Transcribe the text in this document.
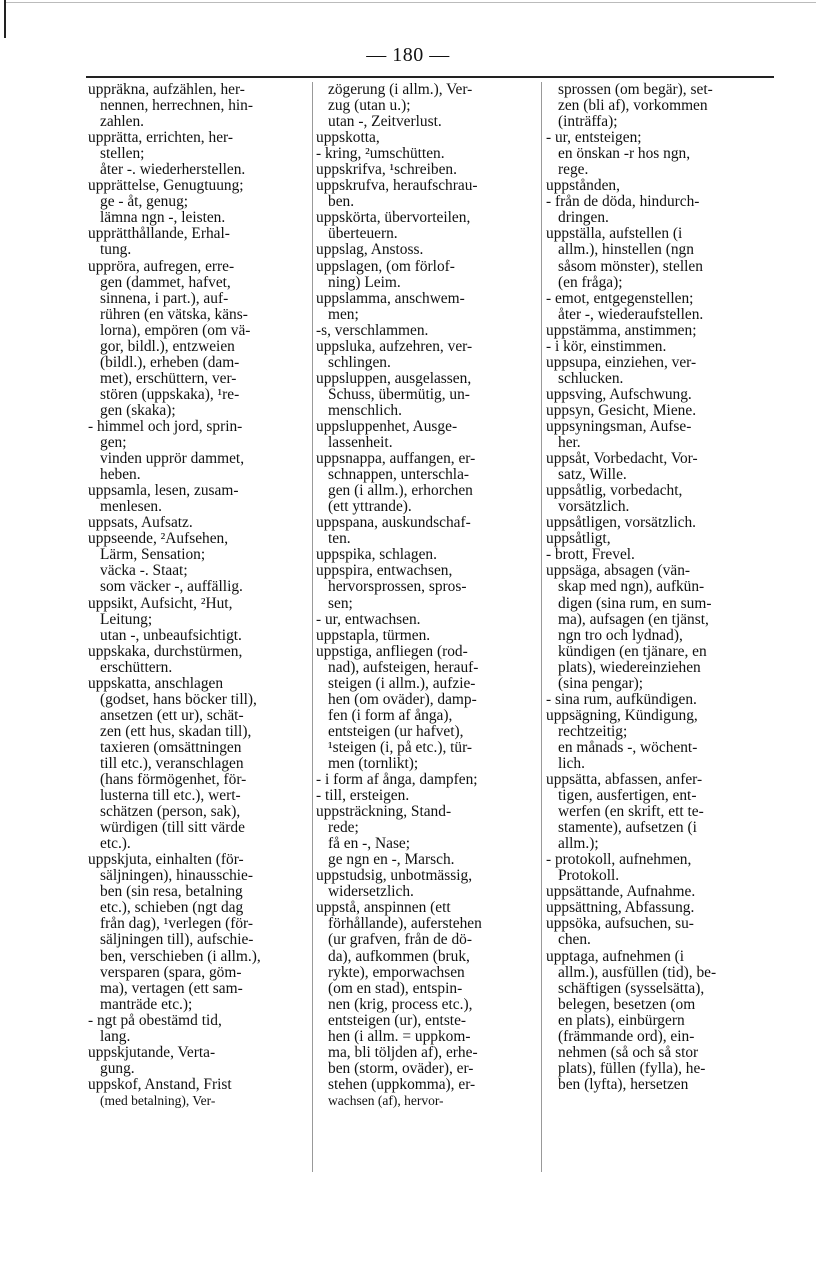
— 180 —
uppräkna, aufzählen, her-
nennen, herrechnen, hin-
zahlen.
upprätta, errichten, her-
stellen;
åter -. wiederherstellen.
upprättelse, Genugtuung;
ge - åt, genug;
lämna ngn -, leisten.
upprätthållande, Erhal-
tung.
uppröra, aufregen, erre-
gen (dammet, hafvet,
sinnena, i part.), auf-
rühren (en vätska, käns-
lorna), empören (om vä-
gor, bildl.), entzweien
(bildl.), erheben (dam-
met), erschüttern, ver-
stören (uppskaka), ¹re-
gen (skaka);
- himmel och jord, sprin-
gen;
vinden upprör dammet,
heben.
uppsamla, lesen, zusam-
menlesen.
uppsats, Aufsatz.
uppseende, ²Aufsehen,
Lärm, Sensation;
väcka -. Staat;
som väcker -, auffällig.
uppsikt, Aufsicht, ²Hut,
Leitung;
utan -, unbeaufsichtigt.
uppskaka, durchstürmen,
erschüttern.
uppskatta, anschlagen
(godset, hans böcker till),
ansetzen (ett ur), schät-
zen (ett hus, skadan till),
taxieren (omsättningen
till etc.), veranschlagen
(hans förmögenhet, för-
lusterna till etc.), wert-
schätzen (person, sak),
würdigen (till sitt värde
etc.).
uppskjuta, einhalten (för-
säljningen), hinausschie-
ben (sin resa, betalning
etc.), schieben (ngt dag
från dag), ¹verlegen (för-
säljningen till), aufschie-
ben, verschieben (i allm.),
versparen (spara, göm-
ma), vertagen (ett sam-
manträde etc.);
- ngt på obestämd tid,
lang.
uppskjutande, Verta-
gung.
uppskof, Anstand, Frist
(med betalning), Ver-
zögerung (i allm.), Ver-
zug (utan u.);
utan -, Zeitverlust.
uppskotta,
- kring, ²umschütten.
uppskrifva, ¹schreiben.
uppskrufva, heraufschrau-
ben.
uppskörta, übervorteilen,
überteuern.
uppslag, Anstoss.
uppslagen, (om förlof-
ning) Leim.
uppslamma, anschwem-
men;
-s, verschlammen.
uppsluka, aufzehren, ver-
schlingen.
uppsluppen, ausgelassen,
Schuss, übermütig, un-
menschlich.
uppsluppenhet, Ausge-
lassenheit.
uppsnappa, auffangen, er-
schnappen, unterschla-
gen (i allm.), erhorchen
(ett yttrande).
uppspana, auskundschaf-
ten.
uppspika, schlagen.
uppspira, entwachsen,
hervorsprossen, spros-
sen;
- ur, entwachsen.
uppstapla, türmen.
uppstiga, anfliegen (rod-
nad), aufsteigen, herauf-
steigen (i allm.), aufzie-
hen (om oväder), damp-
fen (i form af ånga),
entsteigen (ur hafvet),
¹steigen (i, på etc.), tür-
men (tornlikt);
- i form af ånga, dampfen;
- till, ersteigen.
uppsträckning, Stand-
rede;
få en -, Nase;
ge ngn en -, Marsch.
uppstudsig, unbotmässig,
widersetzlich.
uppstå, anspinnen (ett
förhållande), auferstehen
(ur grafven, från de dö-
da), aufkommen (bruk,
rykte), emporwachsen
(om en stad), entspin-
nen (krig, process etc.),
entsteigen (ur), entste-
hen (i allm. = uppkom-
ma, bli töljden af), erhe-
ben (storm, oväder), er-
stehen (uppkomma), er-
wachsen (af), hervor-
sprossen (om begär), set-
zen (bli af), vorkommen
(inträffa);
- ur, entsteigen;
en önskan -r hos ngn,
rege.
uppstånden,
- från de döda, hindurch-
dringen.
uppställa, aufstellen (i
allm.), hinstellen (ngn
såsom mönster), stellen
(en fråga);
- emot, entgegenstellen;
åter -, wiederaufstellen.
uppstämma, anstimmen;
- i kör, einstimmen.
uppsupa, einziehen, ver-
schlucken.
uppsving, Aufschwung.
uppsyn, Gesicht, Miene.
uppsyningsman, Aufse-
her.
uppsåt, Vorbedacht, Vor-
satz, Wille.
uppsåtlig, vorbedacht,
vorsätzlich.
uppsåtligen, vorsätzlich.
uppsåtligt,
- brott, Frevel.
uppsäga, absagen (vän-
skap med ngn), aufkün-
digen (sina rum, en sum-
ma), aufsagen (en tjänst,
ngn tro och lydnad),
kündigen (en tjänare, en
plats), wiedereinziehen
(sina pengar);
- sina rum, aufkündigen.
uppsägning, Kündigung,
rechtzeitig;
en månads -, wöchent-
lich.
uppsätta, abfassen, anfer-
tigen, ausfertigen, ent-
werfen (en skrift, ett te-
stamente), aufsetzen (i
allm.);
- protokoll, aufnehmen,
Protokoll.
uppsättande, Aufnahme.
uppsättning, Abfassung.
uppsöka, aufsuchen, su-
chen.
upptaga, aufnehmen (i
allm.), ausfüllen (tid), be-
schäftigen (sysselsätta),
belegen, besetzen (om
en plats), einbürgern
(främmande ord), ein-
nehmen (så och så stor
plats), füllen (fylla), he-
ben (lyfta), hersetzen
